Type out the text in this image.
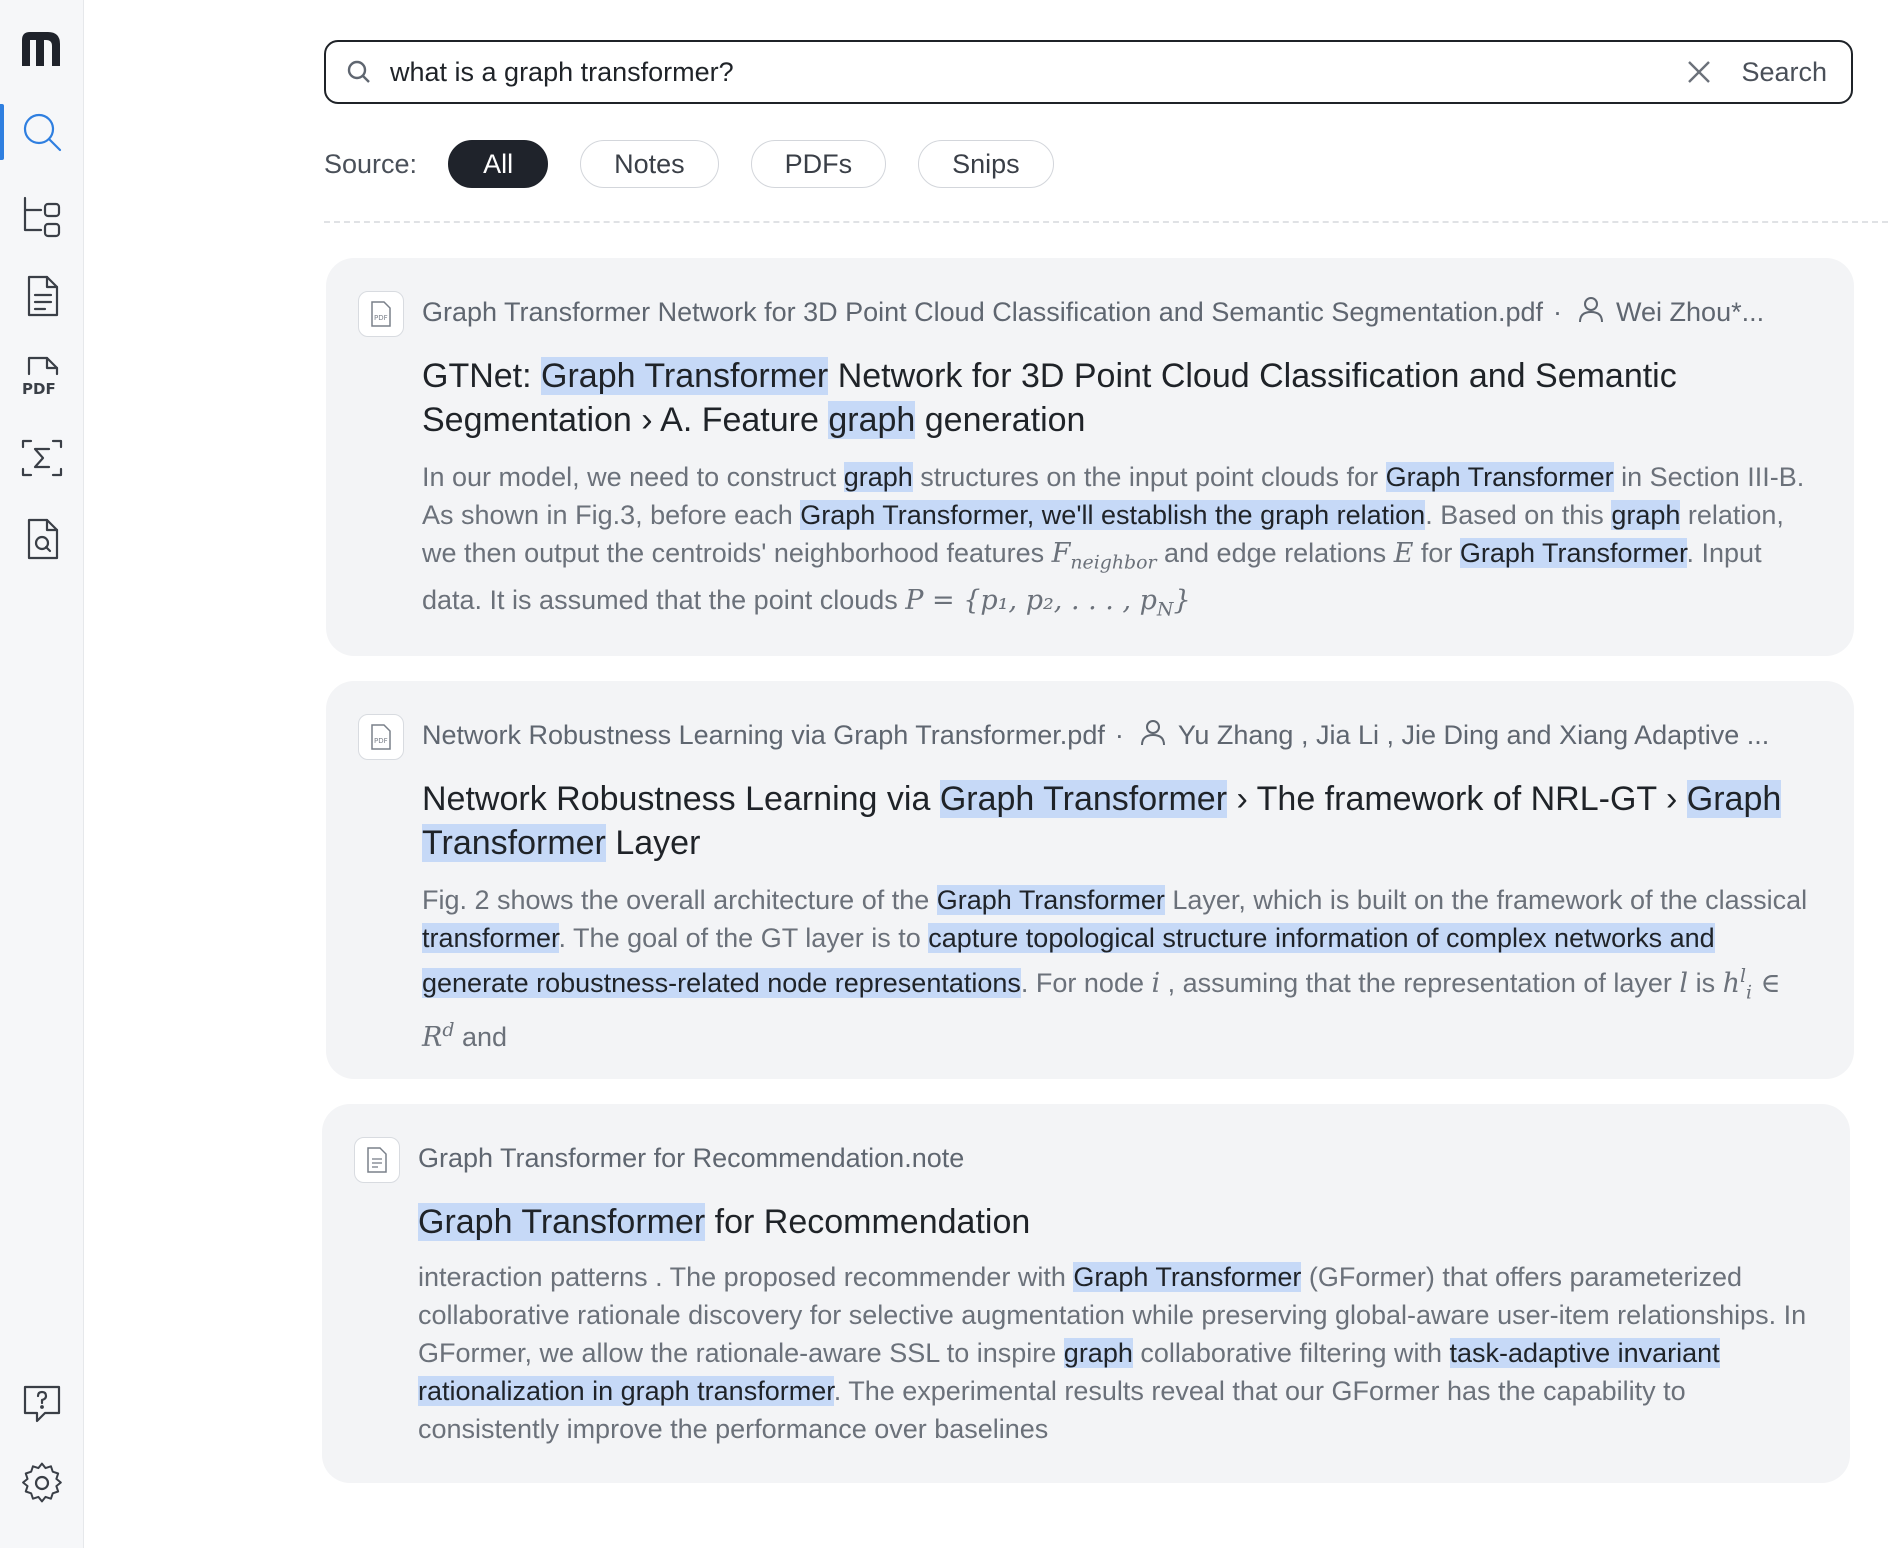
PDF
what is a graph transformer?
Search
Source:	All	Notes	PDFs	Snips
PDF Graph Transformer Network for 3D Point Cloud Classification and Semantic Segmentation.pdf · Wei Zhou*...
GTNet: Graph Transformer Network for 3D Point Cloud Classification and Semantic Segmentation › A. Feature graph generation
In our model, we need to construct graph structures on the input point clouds for Graph Transformer in Section III-B. As shown in Fig.3, before each Graph Transformer, we'll establish the graph relation. Based on this graph relation, we then output the centroids' neighborhood features $F_{neighbor}$ and edge relations E for Graph Transformer. Input data. It is assumed that the point clouds P = {p₁, p₂, . . . , $p_N$}
PDF Network Robustness Learning via Graph Transformer.pdf · Yu Zhang , Jia Li , Jie Ding and Xiang Adaptive ...
Network Robustness Learning via Graph Transformer › The framework of NRL-GT › Graph Transformer Layer
Fig. 2 shows the overall architecture of the Graph Transformer Layer, which is built on the framework of the classical transformer. The goal of the GT layer is to capture topological structure information of complex networks and generate robustness-related node representations. For node i , assuming that the representation of layer l is $h^l_i$ ∈ $R^d$ and
Graph Transformer for Recommendation.note
Graph Transformer for Recommendation
interaction patterns . The proposed recommender with Graph Transformer (GFormer) that offers parameterized collaborative rationale discovery for selective augmentation while preserving global-aware user-item relationships. In GFormer, we allow the rationale-aware SSL to inspire graph collaborative filtering with task-adaptive invariant rationalization in graph transformer. The experimental results reveal that our GFormer has the capability to consistently improve the performance over baselines
